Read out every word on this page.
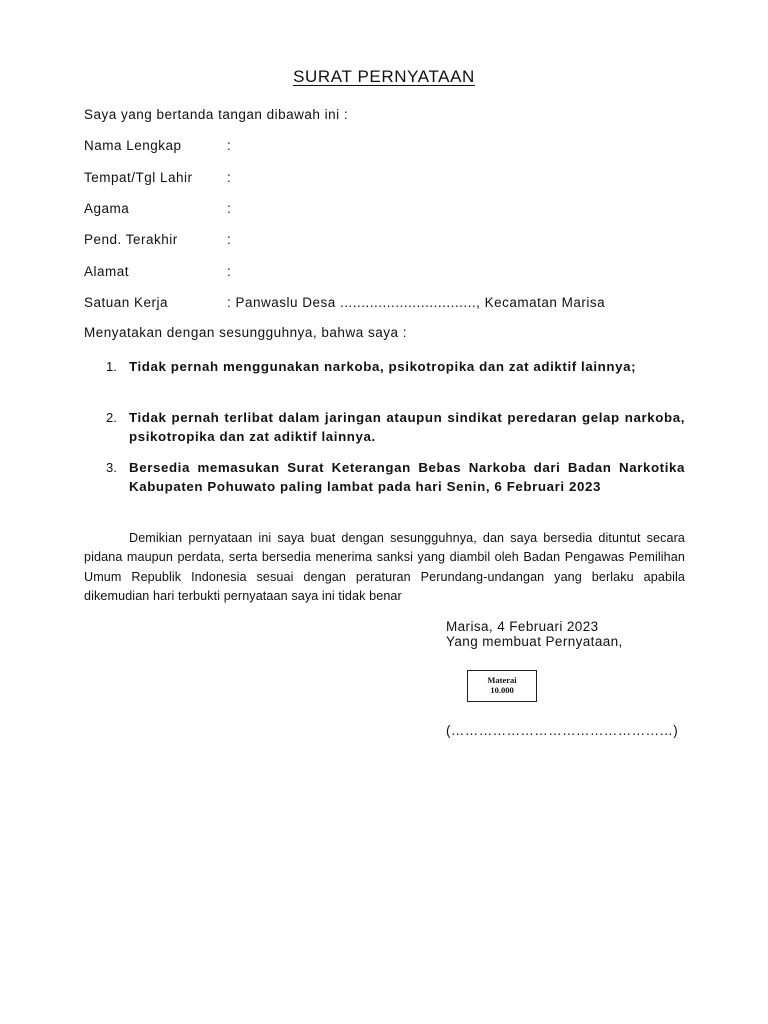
SURAT PERNYATAAN
Saya yang bertanda tangan dibawah ini :
Nama Lengkap	:
Tempat/Tgl Lahir	:
Agama	:
Pend. Terakhir	:
Alamat	:
Satuan Kerja	: Panwaslu Desa ................................, Kecamatan Marisa
Menyatakan dengan sesungguhnya, bahwa saya :
1. Tidak pernah menggunakan narkoba, psikotropika dan zat adiktif lainnya;
2. Tidak pernah terlibat dalam jaringan ataupun sindikat peredaran gelap narkoba, psikotropika dan zat adiktif lainnya.
3. Bersedia memasukan Surat Keterangan Bebas Narkoba dari Badan Narkotika Kabupaten Pohuwato paling lambat pada hari Senin, 6 Februari 2023
Demikian pernyataan ini saya buat dengan sesungguhnya, dan saya bersedia dituntut secara pidana maupun perdata, serta bersedia menerima sanksi yang diambil oleh Badan Pengawas Pemilihan Umum Republik Indonesia sesuai dengan peraturan Perundang-undangan yang berlaku apabila dikemudian hari terbukti pernyataan saya ini tidak benar
Marisa, 4 Februari 2023
Yang membuat Pernyataan,
Materai
10.000
(…………………………………………)
